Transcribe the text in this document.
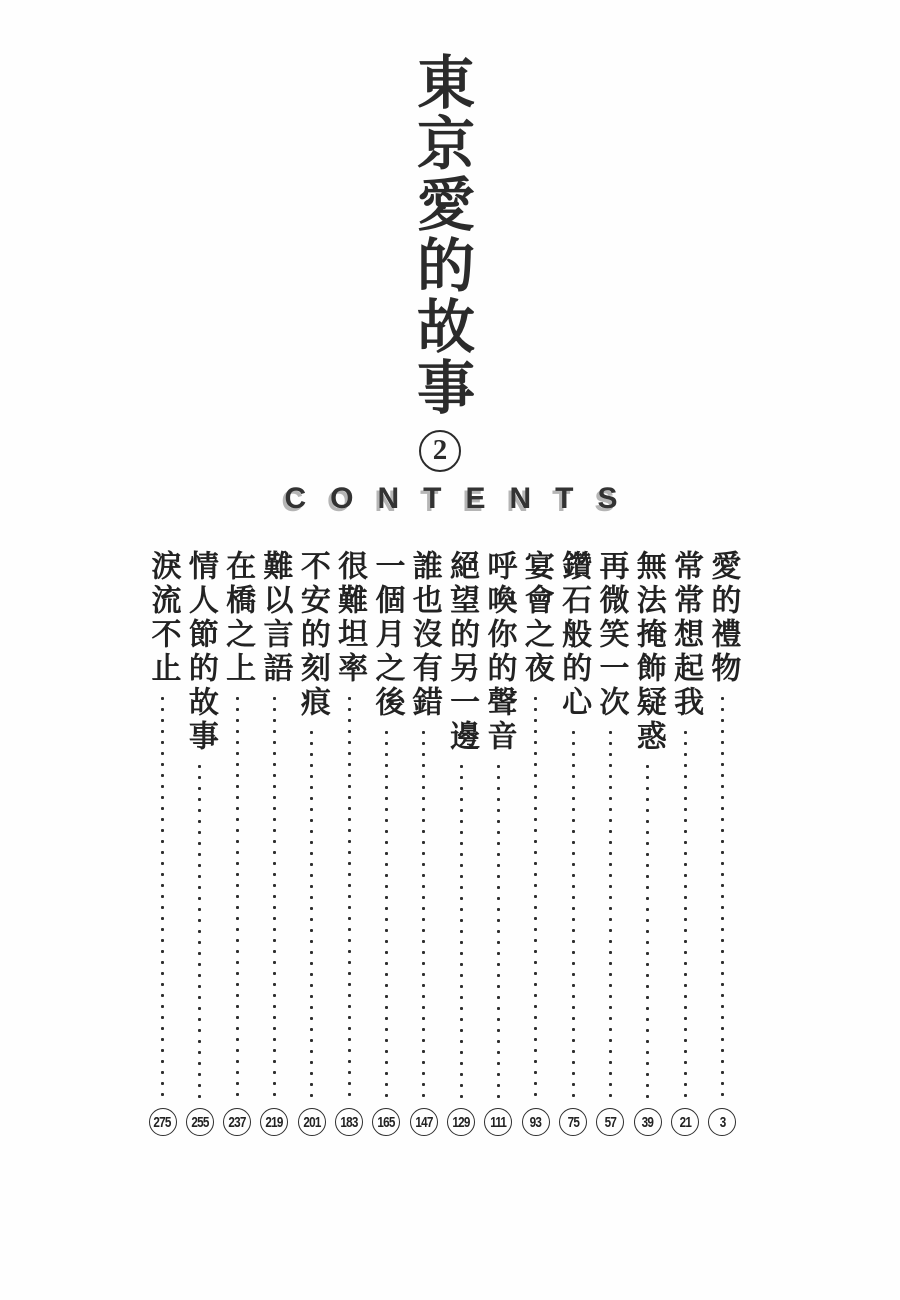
東京愛的故事
2
CONTENTS
愛的禮物
3
常常想起我
21
無法掩飾疑惑
39
再微笑一次
57
鑽石般的心
75
宴會之夜
93
呼喚你的聲音
111
絕望的另一邊
129
誰也沒有錯
147
一個月之後
165
很難坦率
183
不安的刻痕
201
難以言語
219
在橋之上
237
情人節的故事
255
淚流不止
275
